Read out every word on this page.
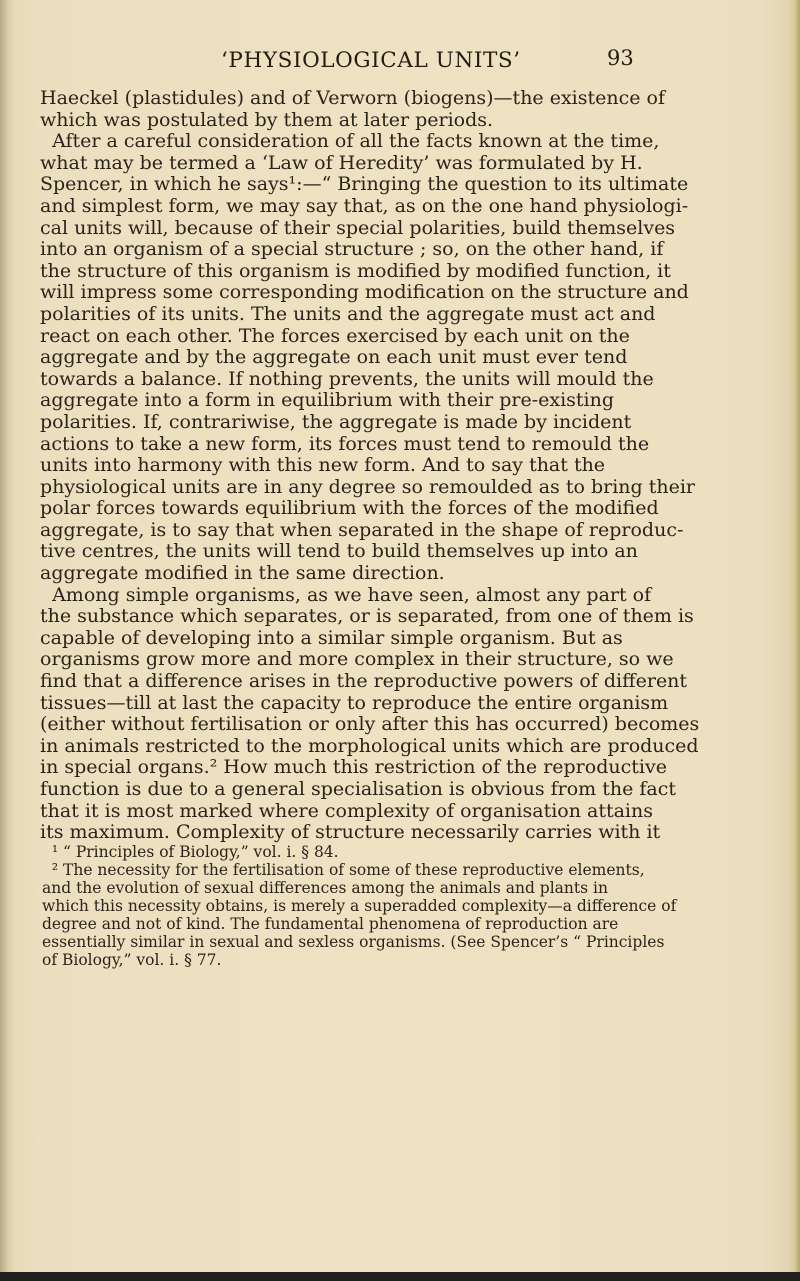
‘PHYSIOLOGICAL UNITS’	93
Haeckel (plastidules) and of Verworn (biogens)—the existence of
which was postulated by them at later periods.
After a careful consideration of all the facts known at the time,
what may be termed a ‘Law of Heredity’ was formulated by H.
Spencer, in which he says¹:—“ Bringing the question to its ultimate
and simplest form, we may say that, as on the one hand physiologi-
cal units will, because of their special polarities, build themselves
into an organism of a special structure ; so, on the other hand, if
the structure of this organism is modified by modified function, it
will impress some corresponding modification on the structure and
polarities of its units. The units and the aggregate must act and
react on each other. The forces exercised by each unit on the
aggregate and by the aggregate on each unit must ever tend
towards a balance. If nothing prevents, the units will mould the
aggregate into a form in equilibrium with their pre-existing
polarities. If, contrariwise, the aggregate is made by incident
actions to take a new form, its forces must tend to remould the
units into harmony with this new form. And to say that the
physiological units are in any degree so remoulded as to bring their
polar forces towards equilibrium with the forces of the modified
aggregate, is to say that when separated in the shape of reproduc-
tive centres, the units will tend to build themselves up into an
aggregate modified in the same direction.
Among simple organisms, as we have seen, almost any part of
the substance which separates, or is separated, from one of them is
capable of developing into a similar simple organism. But as
organisms grow more and more complex in their structure, so we
find that a difference arises in the reproductive powers of different
tissues—till at last the capacity to reproduce the entire organism
(either without fertilisation or only after this has occurred) becomes
in animals restricted to the morphological units which are produced
in special organs.² How much this restriction of the reproductive
function is due to a general specialisation is obvious from the fact
that it is most marked where complexity of organisation attains
its maximum. Complexity of structure necessarily carries with it
¹ “ Principles of Biology,” vol. i. § 84.
² The necessity for the fertilisation of some of these reproductive elements,
and the evolution of sexual differences among the animals and plants in
which this necessity obtains, is merely a superadded complexity—a difference of
degree and not of kind. The fundamental phenomena of reproduction are
essentially similar in sexual and sexless organisms. (See Spencer’s “ Principles
of Biology,” vol. i. § 77.
